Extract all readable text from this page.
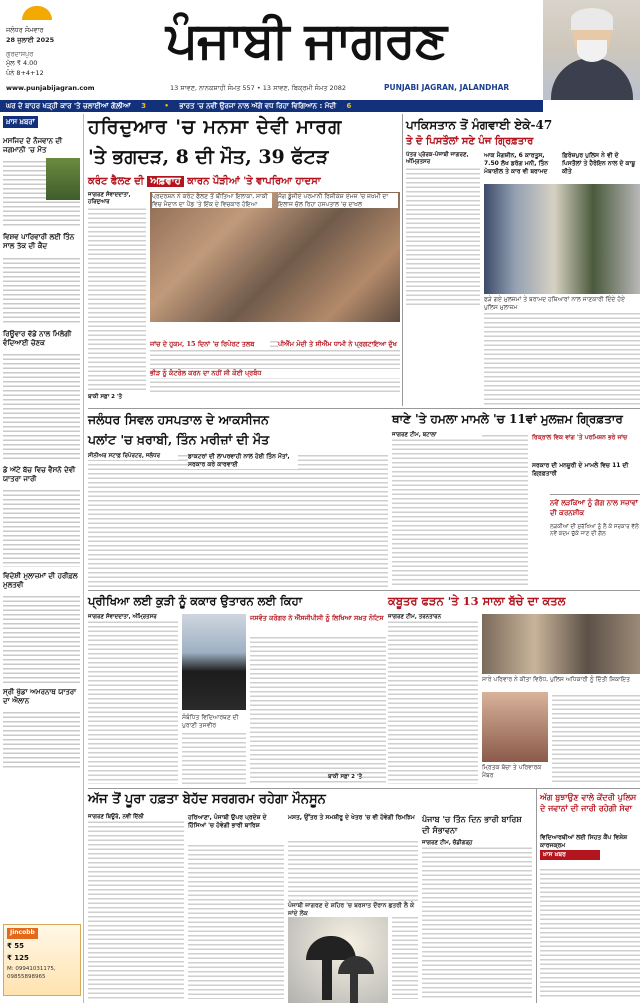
ਜਲੰਧਰ ਸੋਮਵਾਰ
28 ਜੁਲਾਈ 2025
ਗੁਰਦਾਸਪੁਰ
ਮੁੱਲ ₹ 4.00
ਪੰਨੇ 8+4+12
ਪੰਜਾਬੀ ਜਾਗਰਣ
www.punjabijagran.com	13 ਸਾਵਣ, ਨਾਨਕਸ਼ਾਹੀ ਸੰਮਤ 557 • 13 ਸਾਵਣ, ਬਿਕ੍ਰਮੀ ਸੰਮਤ 2082	PUNJABI JAGRAN, JALANDHAR
ਘਰ ਦੇ ਬਾਹਰ ਖੜ੍ਹੀ ਕਾਰ 'ਤੇ ਚਲਾਈਆਂ ਗੋਲ਼ੀਆਂ 3	• ਭਾਰਤ 'ਚ ਨਵੀਂ ਉਰਜਾ ਨਾਲ ਅੱਗੇ ਵਧ ਰਿਹਾ ਵਿਗਿਆਨ : ਮੋਦੀ 6
ਖ਼ਾਸ ਖ਼ਬਰਾਂ
ਮਸਜਿਦ ਦੇ ਨੌਜਵਾਨ ਦੀ ਜਗਮਾਨੀ 'ਚ ਮੌਤ
ਵਿਸ਼ਵ ਪਾਰਿਵਾਰੀ ਲਈ ਤਿੰਨ ਸਾਲ ਤੱਕ ਦੀ ਕੈਦ
ਰਿਊਵਾਰ ਵੱਡੇ ਨਾਲ ਮਿਲੇਗੀ ਵੰਦਿਆਈ ਚੋਣਕ
ਡੇ ਅੱਟੇ ਬੱਚ ਵਿਚ ਵੈਸਨੋ ਦੇਵੀ ਯਾਤਰਾ ਜਾਰੀ
ਵਿਦੇਸ਼ੀ ਮੁਲਾਜ਼ਮਾਂ ਦੀ ਹਰੀਫ਼ਲ ਮੁਲਤਵੀ
ਸ੍ਰੀ ਖੁੱਡਾ ਅਮਰਨਾਥ ਯਾਤਰਾ ਦਾ ਐਲਾਨ
Jincobb
₹ 55
₹ 125
M: 09941031175, 09855898965
ਹਰਿਦੁਆਰ 'ਚ ਮਨਸਾ ਦੇਵੀ ਮਾਰਗ
'ਤੇ ਭਗਦੜ, 8 ਦੀ ਮੌਤ, 39 ਫੱਟੜ
ਕਰੰਟ ਫੈਲਣ ਦੀ ਅਫ਼ਵਾਹ ਕਾਰਨ ਪੌੜੀਆਂ 'ਤੇ ਵਾਪਰਿਆ ਹਾਦਸਾ
ਜਾਗਰਣ ਸੰਵਾਦਦਾਤਾ, ਹਰਿਦੁਆਰ
ਪ੍ਰਦਰਸ਼ਨ ਨੇ ਕਰੰਟ ਫੈਲਣ ਤੋਂ ਬੀਤਿਆ ਇਲਾਕਾ, ਸਾਕੀ ਵਿਚ ਮੈਦਾਨ ਦਾ ਪੈਂਡ 'ਤੇ ਇੱਕ ਦੇ ਵਿਚਕਾਰ ਹੋਇਆ
ਜੱਗ ਡੂੰਜੀਏ ਪਰਮਾਨੀ ਰਿਸ਼ੀਕੇਸ਼ ਏਮਜ਼ 'ਚ ਜ਼ਖ਼ਮੀ ਦਾ ਇਲਾਜ ਚੱਲ ਰਿਹਾ ਹਸਪਤਾਲ 'ਚ ਦਾਖ਼ਲ
ਜਾਂਚ ਦੇ ਹੁਕਮ, 15 ਦਿਨਾਂ 'ਚ ਰਿਪੋਰਟ ਤਲਬ	ਪੀਐੱਮ ਮੋਦੀ ਤੇ ਸੀਐੱਮ ਧਾਮੀ ਨੇ ਪ੍ਰਗਟਾਇਆ ਦੁੱਖ
ਭੀੜ ਨੂੰ ਕੰਟਰੋਲ ਕਰਨ ਦਾ ਨਹੀਂ ਸੀ ਕੋਈ ਪ੍ਰਬੰਧ
ਬਾਕੀ ਸਫ਼ਾ 2 'ਤੇ
ਪਾਕਿਸਤਾਨ ਤੋਂ ਮੰਗਵਾਈ ਏਕੇ-47
ਤੇ ਦੋ ਪਿਸਤੌਲਾਂ ਸਣੇ ਪੰਜ ਗ੍ਰਿਫ਼ਤਾਰ
ਪੱਤਰ ਪ੍ਰੇਰਕ-ਪੰਜਾਬੀ ਜਾਗਰਣ, ਅੰਮ੍ਰਿਤਸਰ
ਆਕ ਮੈਗਜ਼ੀਨ, 6 ਕਾਰਤੂਸ, 7.50 ਲੱਖ ਡਰੱਗ ਮਨੀ, ਤਿੰਨ ਮੋਬਾਈਲ ਤੇ ਕਾਰ ਵੀ ਬਰਾਮਦ
ਫ਼ਿਰੋਜ਼ਪੁਰ ਪੁਲਿਸ ਨੇ ਵੀ ਦੋ ਪਿਸਤੌਲਾਂ ਤੇ ਹੈਰੋਇਨ ਨਾਲ ਦੋ ਕਾਬੂ ਕੀਤੇ
ਫੜੇ ਗਏ ਮੁਲਜ਼ਮਾਂ ਤੇ ਬਰਾਮਦ ਹਥਿਆਰਾਂ ਨਾਲ ਜਾਣਕਾਰੀ ਦਿੰਦੇ ਹੋਏ ਪੁਲਿਸ ਮੁਲਾਜ਼ਮ
ਜਲੰਧਰ ਸਿਵਲ ਹਸਪਤਾਲ ਦੇ ਆਕਸੀਜਨ
ਪਲਾਂਟ 'ਚ ਖ਼ਰਾਬੀ, ਤਿੰਨ ਮਰੀਜ਼ਾਂ ਦੀ ਮੌਤ
ਸੀਨੀਅਰ ਸਟਾਫ਼ ਰਿਪੋਰਟਰ, ਜਲੰਧਰ	ਡਾਕਟਰਾਂ ਦੀ ਲਾਪਰਵਾਹੀ ਨਾਲ ਹੋਈ ਤਿੰਨ ਮੌਤਾਂ, ਸਰਕਾਰ ਕਰੇ ਕਾਰਵਾਈ
ਥਾਣੇ 'ਤੇ ਹਮਲਾ ਮਾਮਲੇ 'ਚ 11ਵਾਂ ਮੁਲਜ਼ਮ ਗ੍ਰਿਫ਼ਤਾਰ
ਜਾਗਰਣ ਟੀਮ, ਬਟਾਲਾ	ਰਿਕ੍ਰਾਲ ਵਿਕ ਵਾਂਗ 'ਤੇ ਪਰਮਿਸ਼ਨ ਭਰੇ ਜਾਂਚ
ਸਰਕਾਰ ਦੀ ਮਨਜ਼ੂਰੀ ਦੇ ਮਾਮਲੇ ਵਿਚ 11 ਦੀ ਗ੍ਰਿਫ਼ਤਾਰੀ
ਨਵੇਂ ਲੜਕਿਆਂ ਨੂੰ ਗੋਗ ਨਾਲ ਸਜ਼ਾਵਾਂ ਦੀ ਕਰਨਸ਼ੀਕ
ਲੜਕੀਆਂ ਦੀ ਸੁਰੱਖਿਆ ਨੂੰ ਲੈ ਕੇ ਸਰਕਾਰ ਵੱਲੋਂ ਨਵੇਂ ਕਦਮ ਚੁੱਕੇ ਜਾਣ ਦੀ ਗੱਲ
ਪ੍ਰੀਖਿਆ ਲਈ ਕੁੜੀ ਨੂੰ ਕਕਾਰ ਉਤਾਰਨ ਲਈ ਕਿਹਾ	ਕਬੂਤਰ ਫੜਨ 'ਤੇ 13 ਸਾਲਾ ਬੱਚੇ ਦਾ ਕਤਲ
ਜਾਗਰਣ ਸੰਵਾਦਦਾਤਾ, ਅੰਮ੍ਰਿਤਸਰ
ਸੰਬੰਧਿਤ ਵਿਦਿਆਰਥਣ ਦੀ ਪੁਰਾਣੀ ਤਸਵੀਰ
ਜਸਵੰਤ ਕਰੋਗਰ ਨੇ ਐੱਸਜੀਪੀਸੀ ਨੂੰ ਲਿਖਿਆ ਸਖ਼ਤ ਨੋਟਿਸ
ਬਾਕੀ ਸਫ਼ਾ 2 'ਤੇ
ਜਾਗਰਣ ਟੀਮ, ਤਰਨਤਾਰਨ
ਸਾਰੇ ਪਰਿਵਾਰ ਨੇ ਕੀਤਾ ਵਿਰੋਧ, ਪੁਲਿਸ ਅਧਿਕਾਰੀ ਨੂੰ ਦਿੱਤੀ ਸ਼ਿਕਾਇਤ
ਮ੍ਰਿਤਕ ਬੱਚਾ ਤੇ ਪਰਿਵਾਰਕ ਮੈਂਬਰ
ਅੱਜ ਤੋਂ ਪੂਰਾ ਹਫ਼ਤਾ ਬੇਹੱਦ ਸਰਗਰਮ ਰਹੇਗਾ ਮੌਨਸੂਨ
ਜਾਗਰਣ ਬਿਊਰੋ, ਨਵੀਂ ਦਿੱਲੀ	ਹਰਿਆਣਾ, ਪੰਜਾਬੀ ਉਪਰ ਪ੍ਰਦੇਸ਼ ਦੇ ਹਿੱਸਿਆਂ 'ਚ ਹੋਵੇਗੀ ਭਾਰੀ ਬਾਰਿਸ਼
ਮਸਤ, ਉੱਤਰ ਤੇ ਸਮਸ਼ੀਰੂ ਦੇ ਖੇਤਰ 'ਚ ਵੀ ਹੋਵੇਗੀ ਰਿਮਝਿਮ
ਪੰਜਾਬੀ ਜਾਗਰਣ ਦੇ ਸ਼ਹਿਰ 'ਚ ਬਰਸਾਤ ਦੌਰਾਨ ਛਤਰੀ ਲੈ ਕੇ ਜਾਂਦੇ ਲੋਕ
ਪੰਜਾਬ 'ਚ ਤਿੰਨ ਦਿਨ ਭਾਰੀ ਬਾਰਿਸ਼ ਦੀ ਸੰਭਾਵਨਾ
ਜਾਗਰਣ ਟੀਮ, ਚੰਡੀਗੜ੍ਹ
ਅੱਗ ਬੁਝਾਉਣ ਵਾਲੇ ਕੇਂਦਰੀ ਪੁਲਿਸ ਦੇ ਜਵਾਨਾਂ ਦੀ ਜਾਰੀ ਰਹੇਗੀ ਸੇਵਾ
ਵਿਦਿਆਰਥੀਆਂ ਲਈ ਸਿਹਤ ਕੈਂਪ ਵਿਸ਼ੇਸ਼ ਕਾਰਜਕ੍ਰਮ
ਖ਼ਾਸ ਖ਼ਬਰ
